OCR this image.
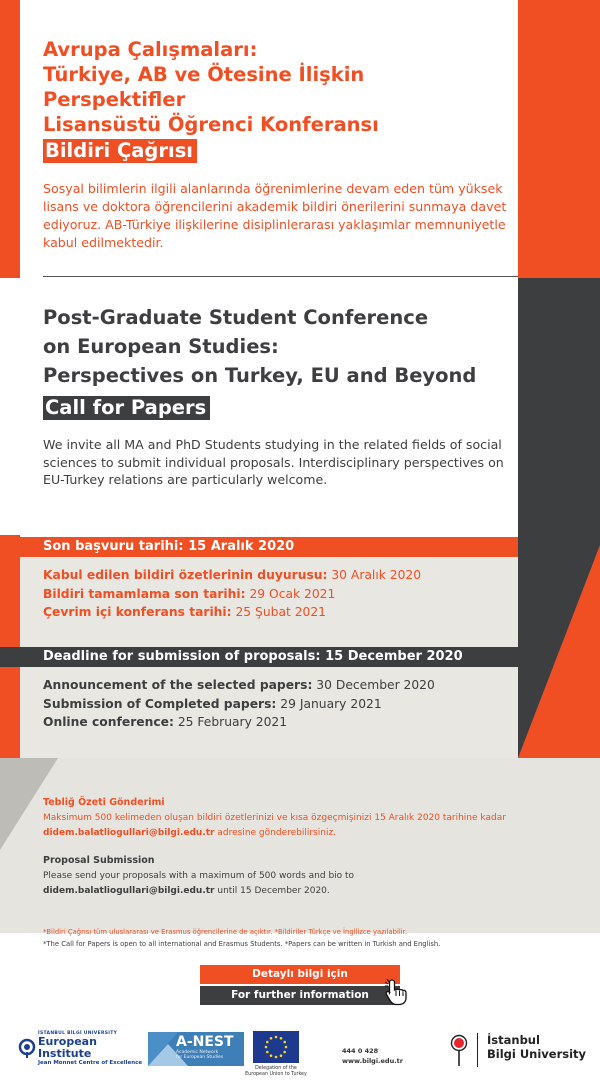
Avrupa Çalışmaları:
Türkiye, AB ve Ötesine İlişkin Perspektifler
Lisansüstü Öğrenci Konferansı
Bildiri Çağrısı
Sosyal bilimlerin ilgili alanlarında öğrenimlerine devam eden tüm yüksek lisans ve doktora öğrencilerini akademik bildiri önerilerini sunmaya davet ediyoruz. AB-Türkiye ilişkilerine disiplinlerarası yaklaşımlar memnuniyetle kabul edilmektedir.
Post-Graduate Student Conference
on European Studies:
Perspectives on Turkey, EU and Beyond
Call for Papers
We invite all MA and PhD Students studying in the related fields of social sciences to submit individual proposals. Interdisciplinary perspectives on EU-Turkey relations are particularly welcome.
Son başvuru tarihi: 15 Aralık 2020
Kabul edilen bildiri özetlerinin duyurusu: 30 Aralık 2020
Bildiri tamamlama son tarihi: 29 Ocak 2021
Çevrim içi konferans tarihi: 25 Şubat 2021
Deadline for submission of proposals: 15 December 2020
Announcement of the selected papers: 30 December 2020
Submission of Completed papers: 29 January 2021
Online conference: 25 February 2021
Tebliğ Özeti Gönderimi
Maksimum 500 kelimeden oluşan bildiri özetlerinizi ve kısa özgeçmişinizi 15 Aralık 2020 tarihine kadar didem.balatliogullari@bilgi.edu.tr adresine gönderebilirsiniz.
Proposal Submission
Please send your proposals with a maximum of 500 words and bio to
didem.balatliogullari@bilgi.edu.tr until 15 December 2020.
*Bildiri Çağrısı tüm uluslararası ve Erasmus öğrencilerine de açıktır. *Bildiriler Türkçe ve İngilizce yazılabilir.
*The Call for Papers is open to all international and Erasmus Students. *Papers can be written in Turkish and English.
Detaylı bilgi için
For further information
İSTANBUL BİLGİ UNIVERSITY
European Institute
Jean Monnet Centre of Excellence
A-NEST
Academic Network
for European Studies
Delegation of the
European Union to Turkey
444 0 428
www.bilgi.edu.tr
İstanbul
Bilgi University
